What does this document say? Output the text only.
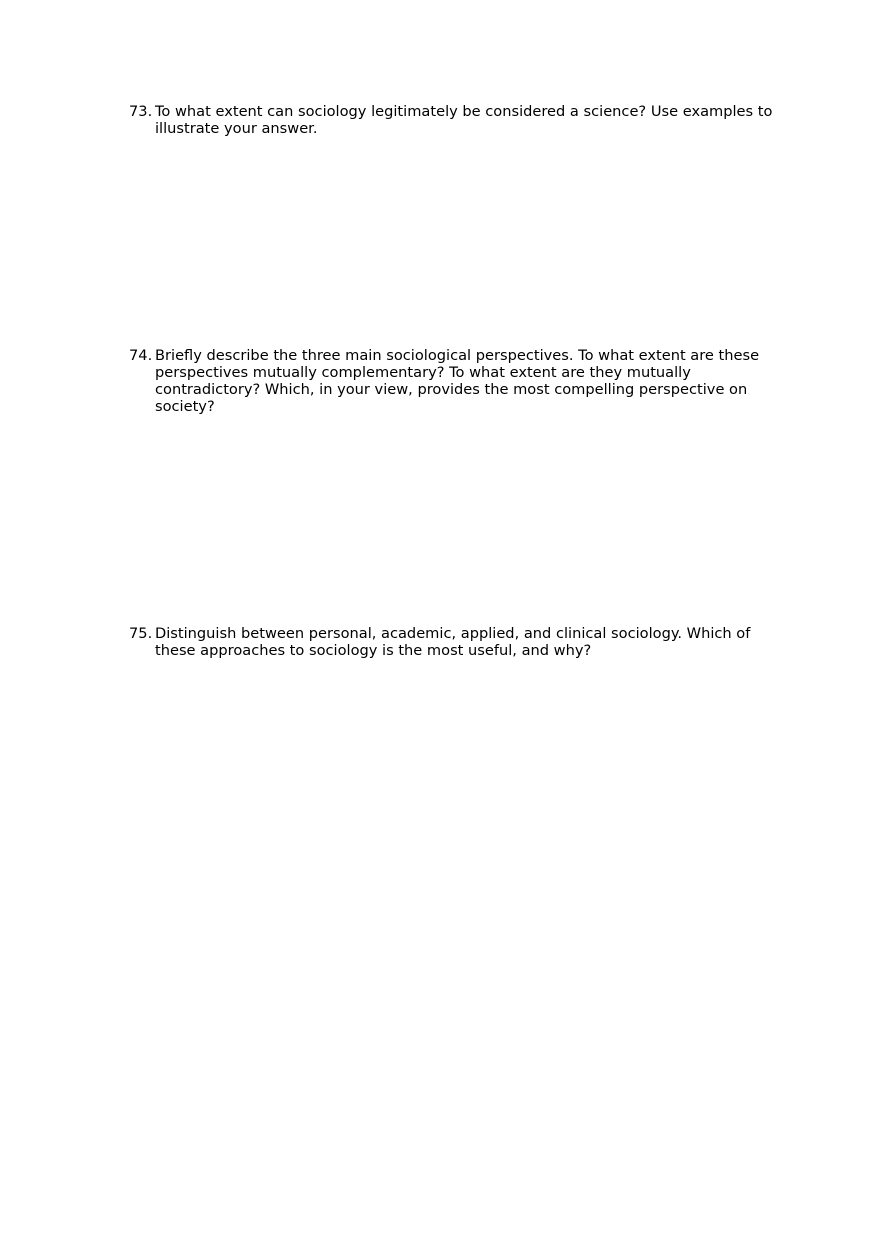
73. To what extent can sociology legitimately be considered a science? Use examples to illustrate your answer.
74. Briefly describe the three main sociological perspectives. To what extent are these perspectives mutually complementary? To what extent are they mutually contradictory? Which, in your view, provides the most compelling perspective on society?
75. Distinguish between personal, academic, applied, and clinical sociology. Which of these approaches to sociology is the most useful, and why?
